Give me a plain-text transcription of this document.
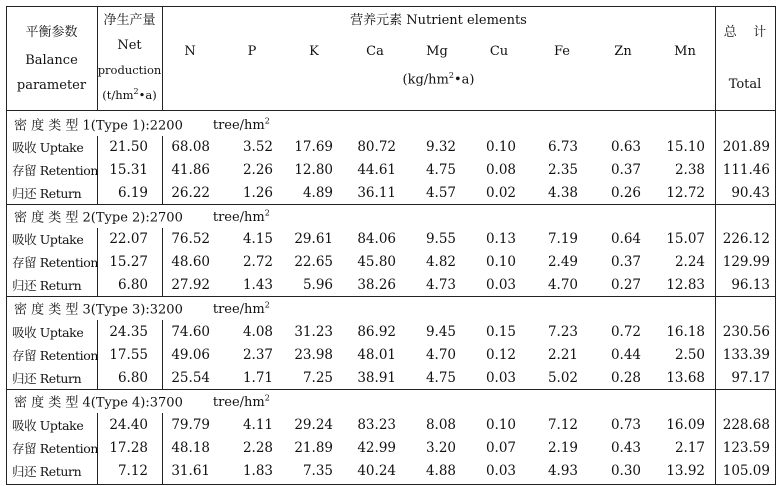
平衡参数
Balance
parameter
净生产量
Net
production
$(t/hm^2•a)$
营养元素 Nutrient elements
$(kg/hm^2•a)$
N	P	K	Ca	Mg	Cu	Fe	Zn	Mn
总    计
Total
密 度 类 型 1(Type 1):2200 tree/$hm^2$
吸收 Uptake	21.50	68.08	3.52	17.69	80.72	9.32	0.10	6.73	0.63	15.10	201.89
存留 Retention 15.31	41.86	2.26	12.80	44.61	4.75	0.08	2.35	0.37	2.38	111.46
归还 Return	6.19	26.22	1.26	4.89	36.11	4.57	0.02	4.38	0.26	12.72	90.43
密 度 类 型 2(Type 2):2700 tree/$hm^2$
吸收 Uptake	22.07	76.52	4.15	29.61	84.06	9.55	0.13	7.19	0.64	15.07	226.12
存留 Retention 15.27	48.60	2.72	22.65	45.80	4.82	0.10	2.49	0.37	2.24	129.99
归还 Return	6.80	27.92	1.43	5.96	38.26	4.73	0.03	4.70	0.27	12.83	96.13
密 度 类 型 3(Type 3):3200 tree/$hm^2$
吸收 Uptake	24.35	74.60	4.08	31.23	86.92	9.45	0.15	7.23	0.72	16.18	230.56
存留 Retention 17.55	49.06	2.37	23.98	48.01	4.70	0.12	2.21	0.44	2.50	133.39
归还 Return	6.80	25.54	1.71	7.25	38.91	4.75	0.03	5.02	0.28	13.68	97.17
密 度 类 型 4(Type 4):3700 tree/$hm^2$
吸收 Uptake	24.40	79.79	4.11	29.24	83.23	8.08	0.10	7.12	0.73	16.09	228.68
存留 Retention 17.28	48.18	2.28	21.89	42.99	3.20	0.07	2.19	0.43	2.17	123.59
归还 Return	7.12	31.61	1.83	7.35	40.24	4.88	0.03	4.93	0.30	13.92	105.09
